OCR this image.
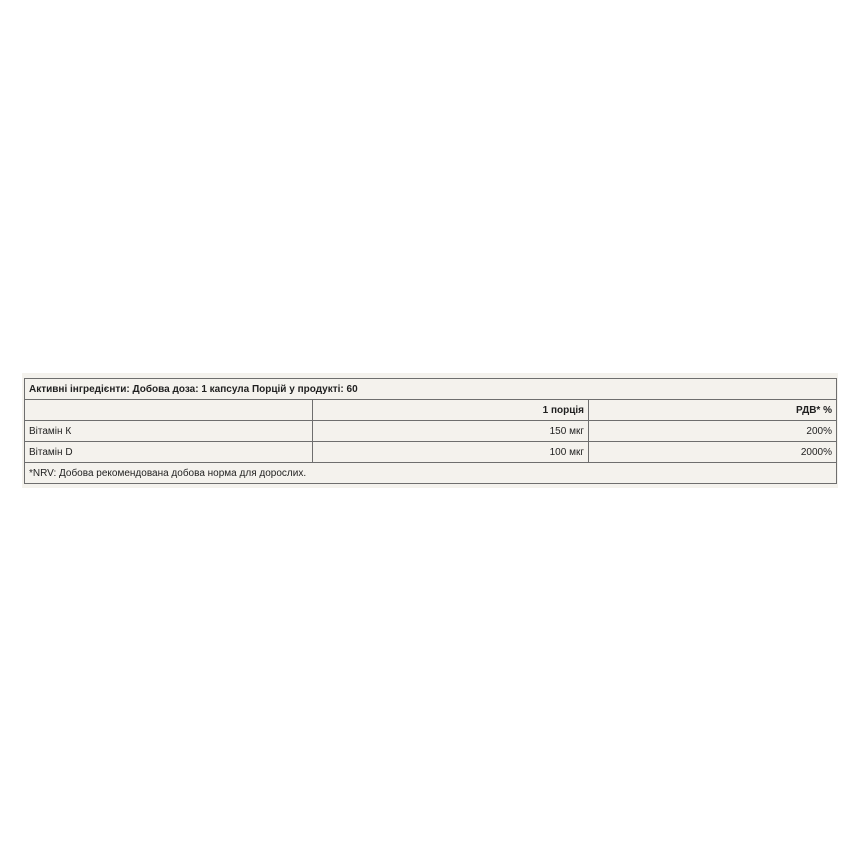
Активні інгредієнти: Добова доза: 1 капсула Порцій у продукті: 60		
	1 порція	РДВ* %
Вітамін К	150 мкг	200%
Вітамін D	100 мкг	2000%
*NRV: Добова рекомендована добова норма для дорослих.		
